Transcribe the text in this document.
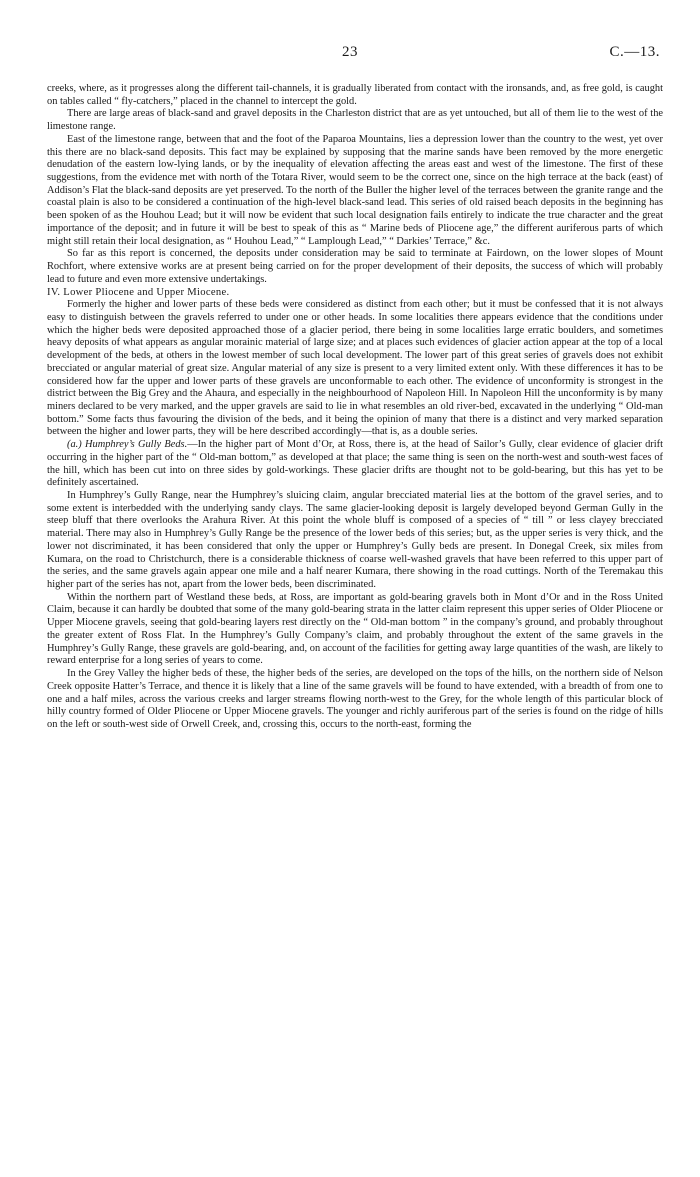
23	C.—13.

creeks, where, as it progresses along the different tail-channels, it is gradually liberated from contact with the ironsands, and, as free gold, is caught on tables called “ fly-catchers,” placed in the channel to intercept the gold.

There are large areas of black-sand and gravel deposits in the Charleston district that are as yet untouched, but all of them lie to the west of the limestone range.

East of the limestone range, between that and the foot of the Paparoa Mountains, lies a depression lower than the country to the west, yet over this there are no black-sand deposits. This fact may be explained by supposing that the marine sands have been removed by the more energetic denudation of the eastern low-lying lands, or by the inequality of elevation affecting the areas east and west of the limestone. The first of these suggestions, from the evidence met with north of the Totara River, would seem to be the correct one, since on the high terrace at the back (east) of Addison’s Flat the black-sand deposits are yet preserved. To the north of the Buller the higher level of the terraces between the granite range and the coastal plain is also to be considered a continuation of the high-level black-sand lead. This series of old raised beach deposits in the beginning has been spoken of as the Houhou Lead; but it will now be evident that such local designation fails entirely to indicate the true character and the great importance of the deposit; and in future it will be best to speak of this as “ Marine beds of Pliocene age,” the different auriferous parts of which might still retain their local designation, as “ Houhou Lead,” “ Lamplough Lead,” “ Darkies’ Terrace,” &c.

So far as this report is concerned, the deposits under consideration may be said to terminate at Fairdown, on the lower slopes of Mount Rochfort, where extensive works are at present being carried on for the proper development of their deposits, the success of which will probably lead to future and even more extensive undertakings.

IV. Lower Pliocene and Upper Miocene.

Formerly the higher and lower parts of these beds were considered as distinct from each other; but it must be confessed that it is not always easy to distinguish between the gravels referred to under one or other heads. In some localities there appears evidence that the conditions under which the higher beds were deposited approached those of a glacier period, there being in some localities large erratic boulders, and sometimes heavy deposits of what appears as angular morainic material of large size; and at places such evidences of glacier action appear at the top of a local development of the beds, at others in the lowest member of such local development. The lower part of this great series of gravels does not exhibit brecciated or angular material of great size. Angular material of any size is present to a very limited extent only. With these differences it has to be considered how far the upper and lower parts of these gravels are unconformable to each other. The evidence of unconformity is strongest in the district between the Big Grey and the Ahaura, and especially in the neighbourhood of Napoleon Hill. In Napoleon Hill the unconformity is by many miners declared to be very marked, and the upper gravels are said to lie in what resembles an old river-bed, excavated in the underlying “ Old-man bottom.” Some facts thus favouring the division of the beds, and it being the opinion of many that there is a distinct and very marked separation between the higher and lower parts, they will be here described accordingly—that is, as a double series.

(a.) Humphrey’s Gully Beds.—In the higher part of Mont d’Or, at Ross, there is, at the head of Sailor’s Gully, clear evidence of glacier drift occurring in the higher part of the “ Old-man bottom,” as developed at that place; the same thing is seen on the north-west and south-west faces of the hill, which has been cut into on three sides by gold-workings. These glacier drifts are thought not to be gold-bearing, but this has yet to be definitely ascertained.

In Humphrey’s Gully Range, near the Humphrey’s sluicing claim, angular brecciated material lies at the bottom of the gravel series, and to some extent is interbedded with the underlying sandy clays. The same glacier-looking deposit is largely developed beyond German Gully in the steep bluff that there overlooks the Arahura River. At this point the whole bluff is composed of a species of “ till ” or less clayey brecciated material. There may also in Humphrey’s Gully Range be the presence of the lower beds of this series; but, as the upper series is very thick, and the lower not discriminated, it has been considered that only the upper or Humphrey’s Gully beds are present. In Donegal Creek, six miles from Kumara, on the road to Christchurch, there is a considerable thickness of coarse well-washed gravels that have been referred to this upper part of the series, and the same gravels again appear one mile and a half nearer Kumara, there showing in the road cuttings. North of the Teremakau this higher part of the series has not, apart from the lower beds, been discriminated.

Within the northern part of Westland these beds, at Ross, are important as gold-bearing gravels both in Mont d’Or and in the Ross United Claim, because it can hardly be doubted that some of the many gold-bearing strata in the latter claim represent this upper series of Older Pliocene or Upper Miocene gravels, seeing that gold-bearing layers rest directly on the “ Old-man bottom ” in the company’s ground, and probably throughout the greater extent of Ross Flat. In the Humphrey’s Gully Company’s claim, and probably throughout the extent of the same gravels in the Humphrey’s Gully Range, these gravels are gold-bearing, and, on account of the facilities for getting away large quantities of the wash, are likely to reward enterprise for a long series of years to come.

In the Grey Valley the higher beds of these, the higher beds of the series, are developed on the tops of the hills, on the northern side of Nelson Creek opposite Hatter’s Terrace, and thence it is likely that a line of the same gravels will be found to have extended, with a breadth of from one to one and a half miles, across the various creeks and larger streams flowing north-west to the Grey, for the whole length of this particular block of hilly country formed of Older Pliocene or Upper Miocene gravels. The younger and richly auriferous part of the series is found on the ridge of hills on the left or south-west side of Orwell Creek, and, crossing this, occurs to the north-east, forming the
